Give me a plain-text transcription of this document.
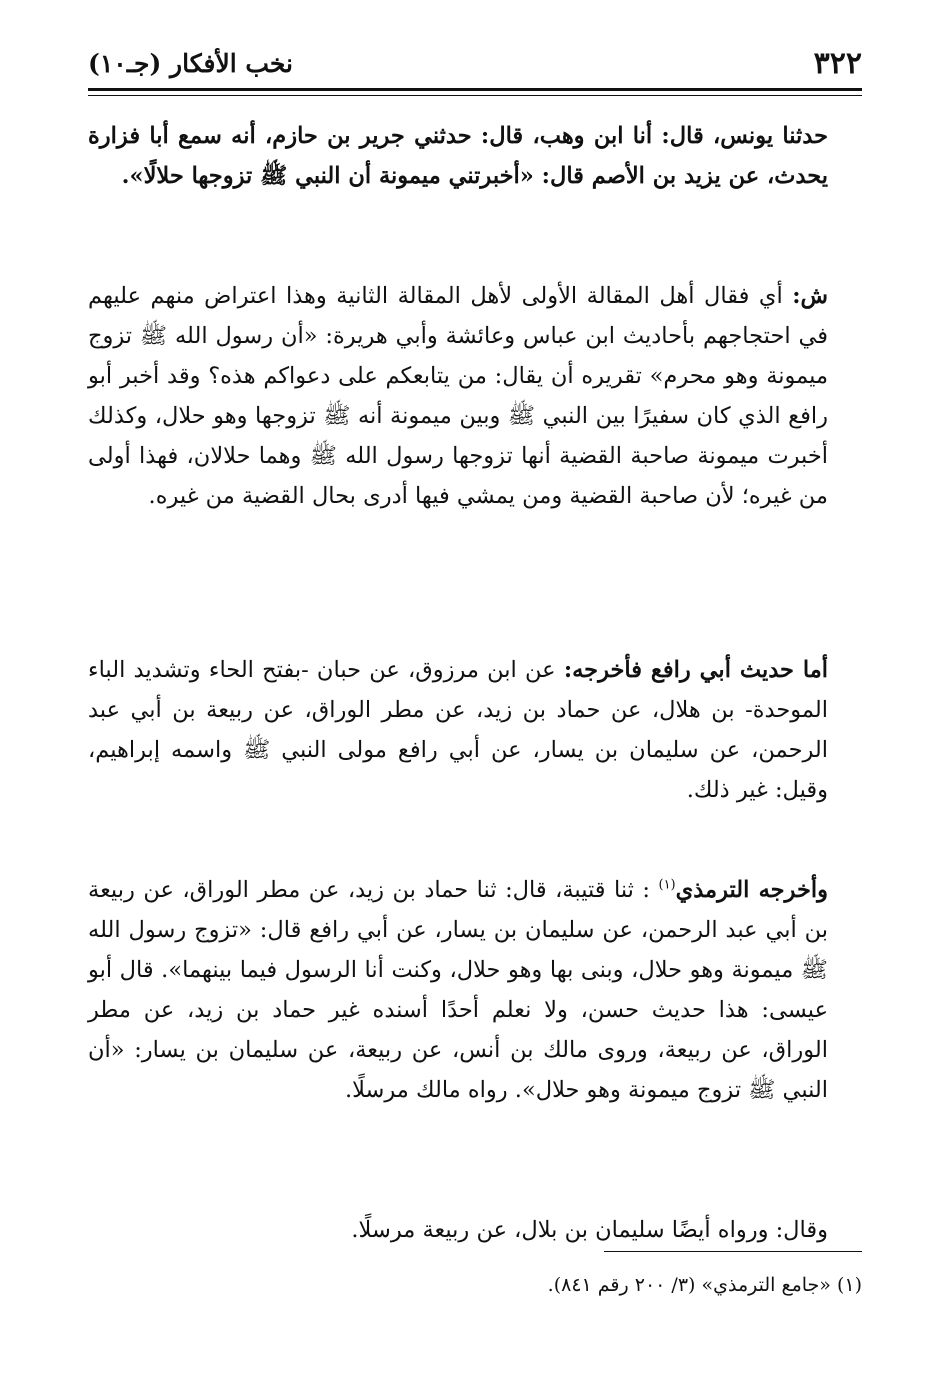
٣٢٢
نخب الأفكار (جـ١٠)

حدثنا يونس، قال: أنا ابن وهب، قال: حدثني جرير بن حازم، أنه سمع أبا فزارة يحدث، عن يزيد بن الأصم قال: «أخبرتني ميمونة أن النبي ﷺ تزوجها حلالًا».

ش: أي فقال أهل المقالة الأولى لأهل المقالة الثانية وهذا اعتراض منهم عليهم في احتجاجهم بأحاديث ابن عباس وعائشة وأبي هريرة: «أن رسول الله ﷺ تزوج ميمونة وهو محرم» تقريره أن يقال: من يتابعكم على دعواكم هذه؟ وقد أخبر أبو رافع الذي كان سفيرًا بين النبي ﷺ وبين ميمونة أنه ﷺ تزوجها وهو حلال، وكذلك أخبرت ميمونة صاحبة القضية أنها تزوجها رسول الله ﷺ وهما حلالان، فهذا أولى من غيره؛ لأن صاحبة القضية ومن يمشي فيها أدرى بحال القضية من غيره.

أما حديث أبي رافع فأخرجه: عن ابن مرزوق، عن حبان -بفتح الحاء وتشديد الباء الموحدة- بن هلال، عن حماد بن زيد، عن مطر الوراق، عن ربيعة بن أبي عبد الرحمن، عن سليمان بن يسار، عن أبي رافع مولى النبي ﷺ واسمه إبراهيم، وقيل: غير ذلك.

وأخرجه الترمذي$^{(١)}$ : ثنا قتيبة، قال: ثنا حماد بن زيد، عن مطر الوراق، عن ربيعة بن أبي عبد الرحمن، عن سليمان بن يسار، عن أبي رافع قال: «تزوج رسول الله ﷺ ميمونة وهو حلال، وبنى بها وهو حلال، وكنت أنا الرسول فيما بينهما». قال أبو عيسى: هذا حديث حسن، ولا نعلم أحدًا أسنده غير حماد بن زيد، عن مطر الوراق، عن ربيعة، وروى مالك بن أنس، عن ربيعة، عن سليمان بن يسار: «أن النبي ﷺ تزوج ميمونة وهو حلال». رواه مالك مرسلًا.

وقال: ورواه أيضًا سليمان بن بلال، عن ربيعة مرسلًا.

(١) «جامع الترمذي» (٣/ ٢٠٠ رقم ٨٤١).
